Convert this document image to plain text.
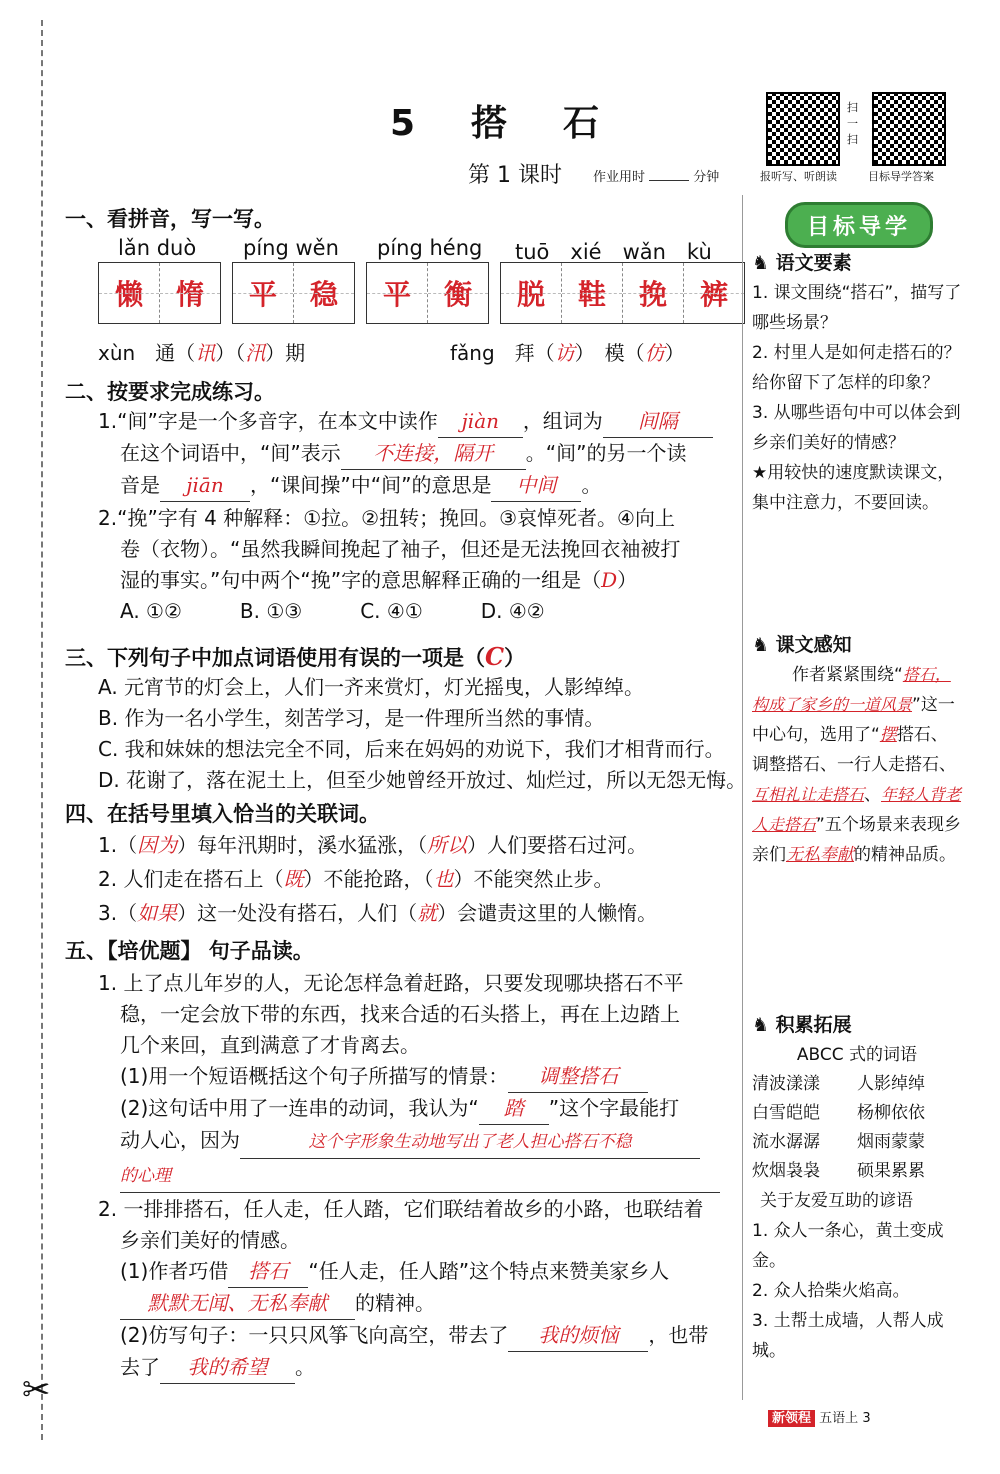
✂
5　搭　石
第 1 课时 作业用时	分钟	报听写、听朗读
扫一扫
目标导学答案
一、看拼音，写一写。
lǎn duò píng wěn píng héng tuō　xié　wǎn　kù
懒	惰	平	稳	平	衡	脱	鞋	挽	裤
xùn　通（讯）（汛）期	fǎng　拜（访）　模（仿）
二、按要求完成练习。
1.“间”字是一个多音字，在本文中读作 jiàn ，组词为 间隔
在这个词语中，“间”表示 不连接，隔开 。“间”的另一个读
音是 jiān ，“课间操”中“间”的意思是 中间 。
2.“挽”字有 4 种解释：①拉。②扭转；挽回。③哀悼死者。④向上
卷（衣物）。“虽然我瞬间挽起了袖子，但还是无法挽回衣袖被打
湿的事实。”句中两个“挽”字的意思解释正确的一组是（D）
A. ①②	B. ①③	C. ④①	D. ④②
三、下列句子中加点词语使用有误的一项是（C）
A. 元宵节的灯会上，人们一齐来赏灯，灯光摇曳，人影绰绰。
B. 作为一名小学生，刻苦学习，是一件理所当然的事情。
C. 我和妹妹的想法完全不同，后来在妈妈的劝说下，我们才相背而行。
D. 花谢了，落在泥土上，但至少她曾经开放过、灿烂过，所以无怨无悔。
四、在括号里填入恰当的关联词。
1.（因为）每年汛期时，溪水猛涨，（所以）人们要搭石过河。
2. 人们走在搭石上（既）不能抢路，（也）不能突然止步。
3.（如果）这一处没有搭石，人们（就）会谴责这里的人懒惰。
五、【培优题】 句子品读。
1. 上了点儿年岁的人，无论怎样急着赶路，只要发现哪块搭石不平
稳，一定会放下带的东西，找来合适的石头搭上，再在上边踏上
几个来回，直到满意了才肯离去。
(1)用一个短语概括这个句子所描写的情景： 调整搭石
(2)这句话中用了一连串的动词，我认为“ 踏 ”这个字最能打
动人心，因为	这个字形象生动地写出了老人担心搭石不稳
的心理
2. 一排排搭石，任人走，任人踏，它们联结着故乡的小路，也联结着
乡亲们美好的情感。
(1)作者巧借 搭石 “任人走，任人踏”这个特点来赞美家乡人
默默无闻、无私奉献 的精神。
(2)仿写句子：一只只风筝飞向高空，带去了 我的烦恼 ，也带
去了 我的希望 。
目标导学
♞ 语文要素
1. 课文围绕“搭石”，描写了哪些场景？
2. 村里人是如何走搭石的？给你留下了怎样的印象？
3. 从哪些语句中可以体会到乡亲们美好的情感？
★用较快的速度默读课文，集中注意力，不要回读。
♞ 课文感知
作者紧紧围绕“搭石，构成了家乡的一道风景”这一中心句，选用了“摆搭石、调整搭石、一行人走搭石、互相礼让走搭石、年轻人背老人走搭石”五个场景来表现乡亲们无私奉献的精神品质。
♞ 积累拓展
ABCC 式的词语
清波漾漾	人影绰绰
白雪皑皑	杨柳依依
流水潺潺	烟雨蒙蒙
炊烟袅袅	硕果累累
关于友爱互助的谚语
1. 众人一条心，黄土变成金。
2. 众人拾柴火焰高。
3. 土帮土成墙，人帮人成城。
新领程 五语上 3
